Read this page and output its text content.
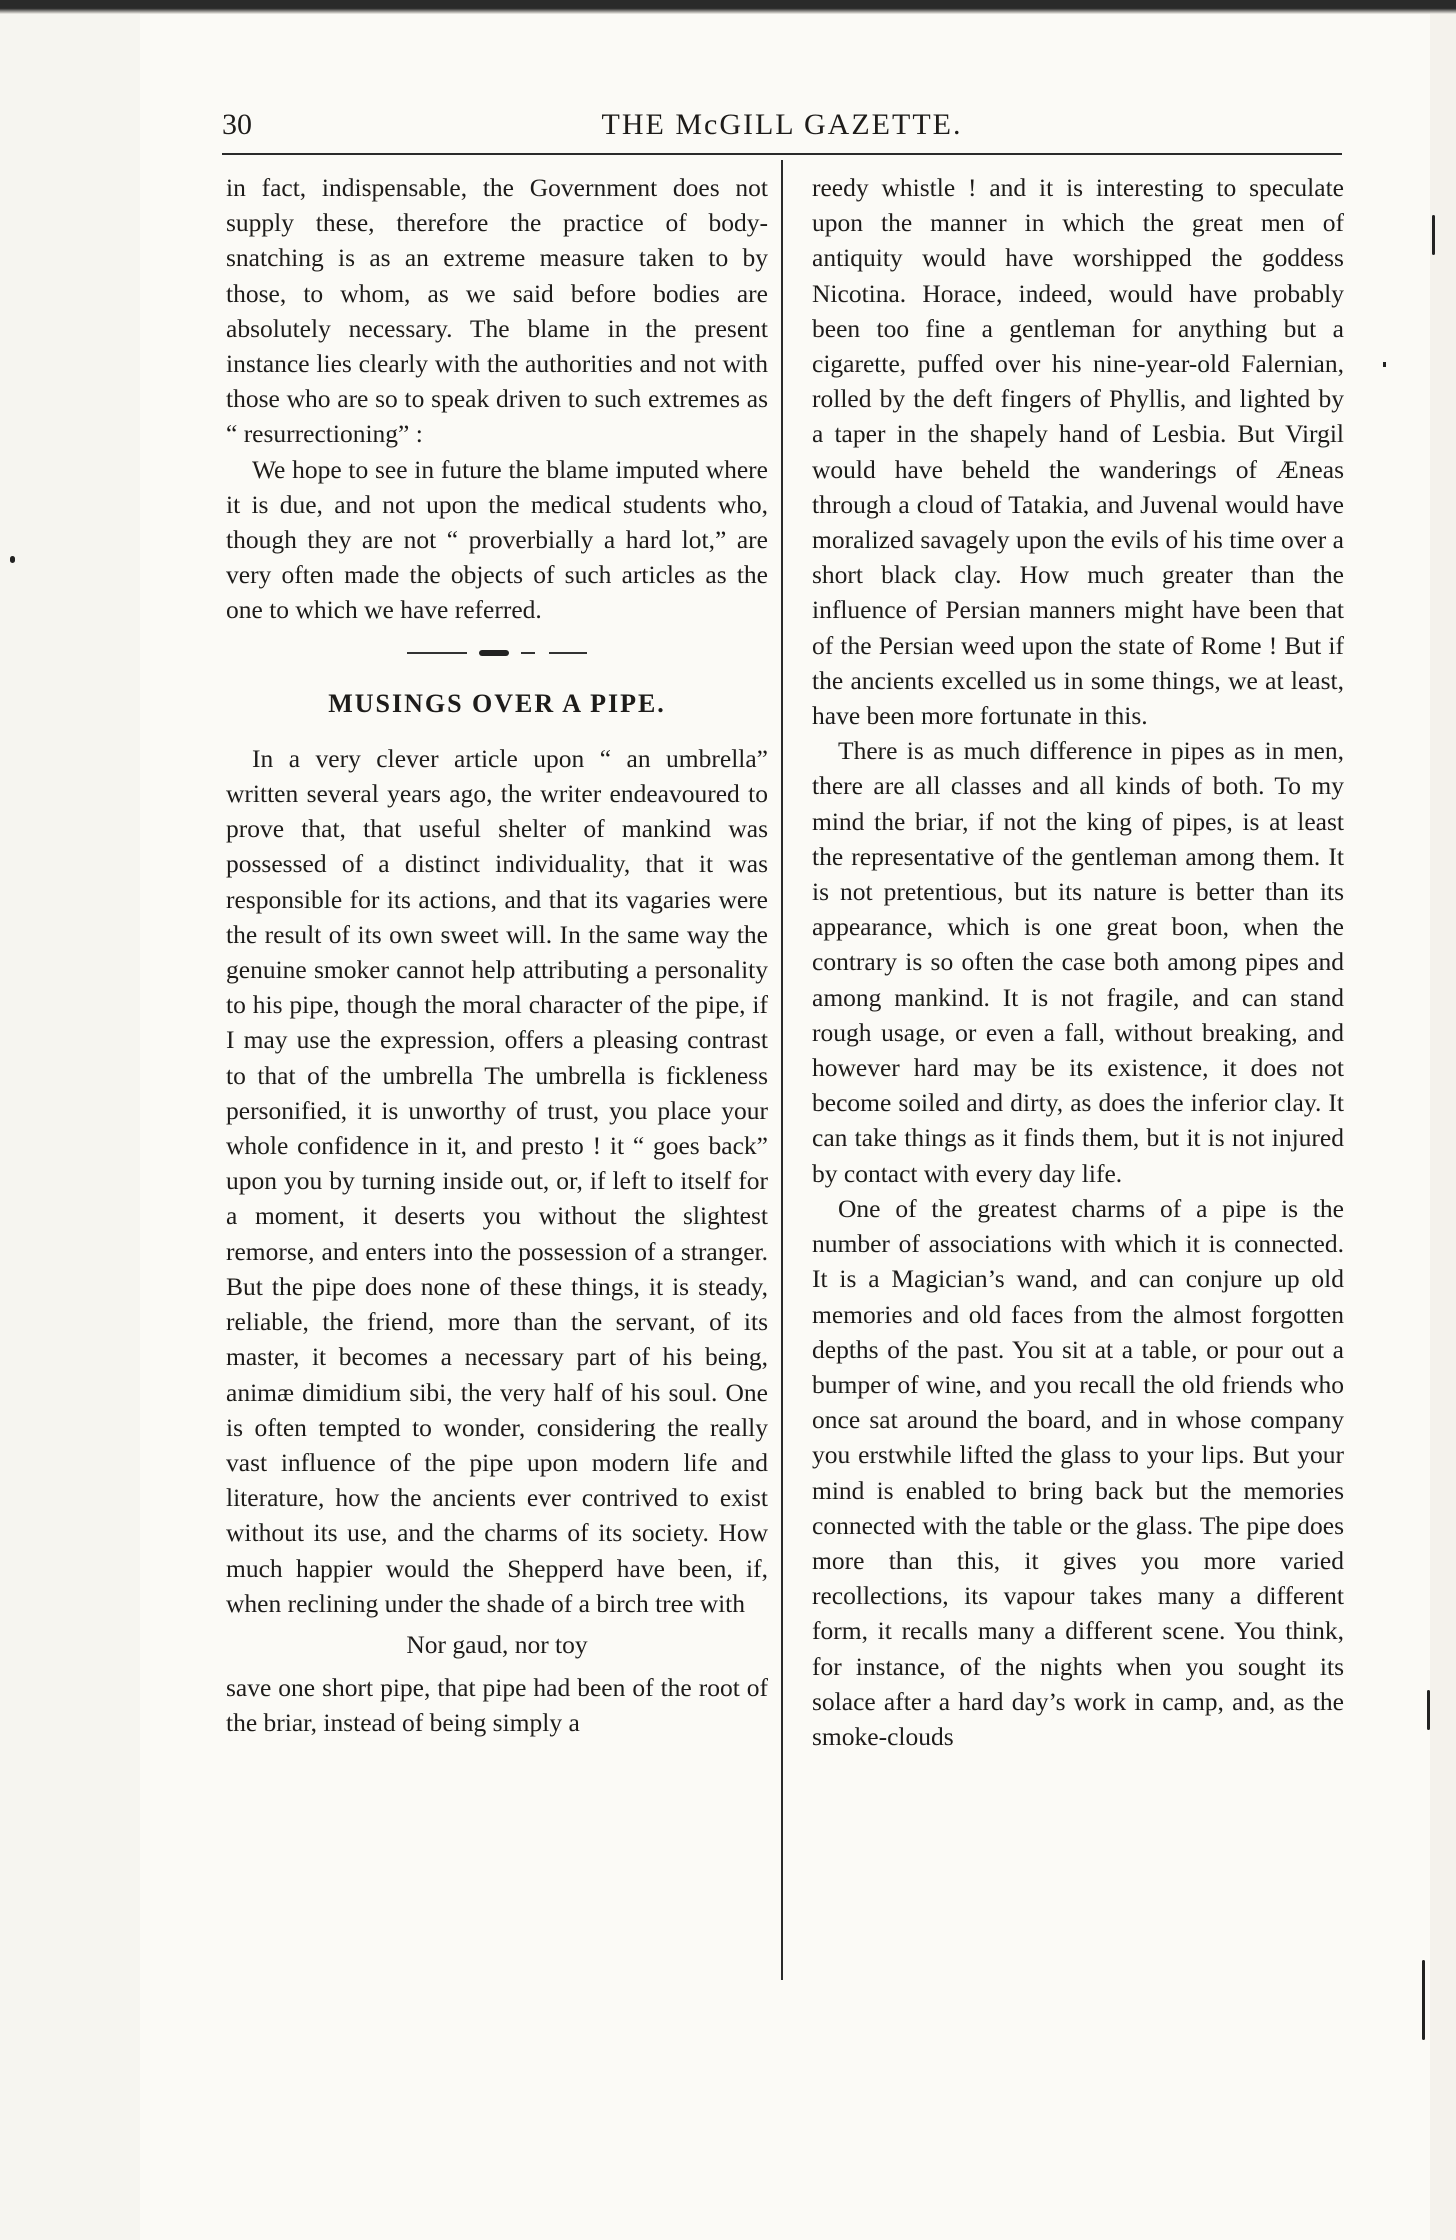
30	THE McGILL GAZETTE.

in fact, indispensable, the Government does not supply these, therefore the practice of body-snatching is as an extreme measure taken to by those, to whom, as we said before bodies are absolutely necessary. The blame in the present instance lies clearly with the authorities and not with those who are so to speak driven to such extremes as “ resurrectioning” :

We hope to see in future the blame imputed where it is due, and not upon the medical students who, though they are not “ proverbially a hard lot,” are very often made the objects of such articles as the one to which we have referred.

MUSINGS OVER A PIPE.

In a very clever article upon “ an umbrella” written several years ago, the writer endeavoured to prove that, that useful shelter of mankind was possessed of a distinct individuality, that it was responsible for its actions, and that its vagaries were the result of its own sweet will. In the same way the genuine smoker cannot help attributing a personality to his pipe, though the moral character of the pipe, if I may use the expression, offers a pleasing contrast to that of the umbrella The umbrella is fickleness personified, it is unworthy of trust, you place your whole confidence in it, and presto ! it “ goes back” upon you by turning inside out, or, if left to itself for a moment, it deserts you without the slightest remorse, and enters into the possession of a stranger. But the pipe does none of these things, it is steady, reliable, the friend, more than the servant, of its master, it becomes a necessary part of his being, animæ dimidium sibi, the very half of his soul. One is often tempted to wonder, considering the really vast influence of the pipe upon modern life and literature, how the ancients ever contrived to exist without its use, and the charms of its society. How much happier would the Shepperd have been, if, when reclining under the shade of a birch tree with

Nor gaud, nor toy

save one short pipe, that pipe had been of the root of the briar, instead of being simply a

reedy whistle ! and it is interesting to speculate upon the manner in which the great men of antiquity would have worshipped the goddess Nicotina. Horace, indeed, would have probably been too fine a gentleman for anything but a cigarette, puffed over his nine-year-old Falernian, rolled by the deft fingers of Phyllis, and lighted by a taper in the shapely hand of Lesbia. But Virgil would have beheld the wanderings of Æneas through a cloud of Tatakia, and Juvenal would have moralized savagely upon the evils of his time over a short black clay. How much greater than the influence of Persian manners might have been that of the Persian weed upon the state of Rome ! But if the ancients excelled us in some things, we at least, have been more fortunate in this.

There is as much difference in pipes as in men, there are all classes and all kinds of both. To my mind the briar, if not the king of pipes, is at least the representative of the gentleman among them. It is not pretentious, but its nature is better than its appearance, which is one great boon, when the contrary is so often the case both among pipes and among mankind. It is not fragile, and can stand rough usage, or even a fall, without breaking, and however hard may be its existence, it does not become soiled and dirty, as does the inferior clay. It can take things as it finds them, but it is not injured by contact with every day life.

One of the greatest charms of a pipe is the number of associations with which it is connected. It is a Magician’s wand, and can conjure up old memories and old faces from the almost forgotten depths of the past. You sit at a table, or pour out a bumper of wine, and you recall the old friends who once sat around the board, and in whose company you erstwhile lifted the glass to your lips. But your mind is enabled to bring back but the memories connected with the table or the glass. The pipe does more than this, it gives you more varied recollections, its vapour takes many a different form, it recalls many a different scene. You think, for instance, of the nights when you sought its solace after a hard day’s work in camp, and, as the smoke-clouds
